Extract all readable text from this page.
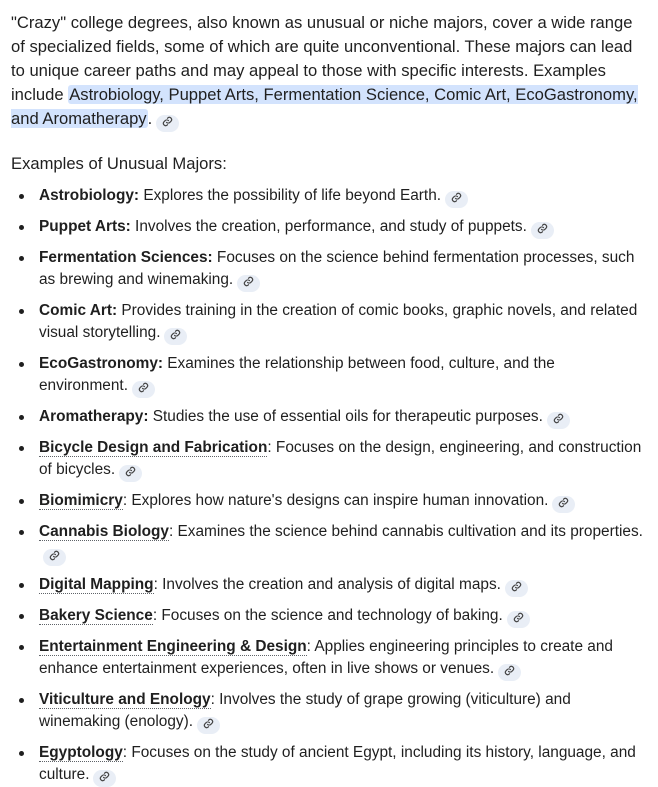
"Crazy" college degrees, also known as unusual or niche majors, cover a wide range of specialized fields, some of which are quite unconventional. These majors can lead to unique career paths and may appeal to those with specific interests. Examples include Astrobiology, Puppet Arts, Fermentation Science, Comic Art, EcoGastronomy, and Aromatherapy.

Examples of Unusual Majors:
Astrobiology: Explores the possibility of life beyond Earth.
Puppet Arts: Involves the creation, performance, and study of puppets.
Fermentation Sciences: Focuses on the science behind fermentation processes, such as brewing and winemaking.
Comic Art: Provides training in the creation of comic books, graphic novels, and related visual storytelling.
EcoGastronomy: Examines the relationship between food, culture, and the environment.
Aromatherapy: Studies the use of essential oils for therapeutic purposes.
Bicycle Design and Fabrication: Focuses on the design, engineering, and construction of bicycles.
Biomimicry: Explores how nature's designs can inspire human innovation.
Cannabis Biology: Examines the science behind cannabis cultivation and its properties.
Digital Mapping: Involves the creation and analysis of digital maps.
Bakery Science: Focuses on the science and technology of baking.
Entertainment Engineering & Design: Applies engineering principles to create and enhance entertainment experiences, often in live shows or venues.
Viticulture and Enology: Involves the study of grape growing (viticulture) and winemaking (enology).
Egyptology: Focuses on the study of ancient Egypt, including its history, language, and culture.
